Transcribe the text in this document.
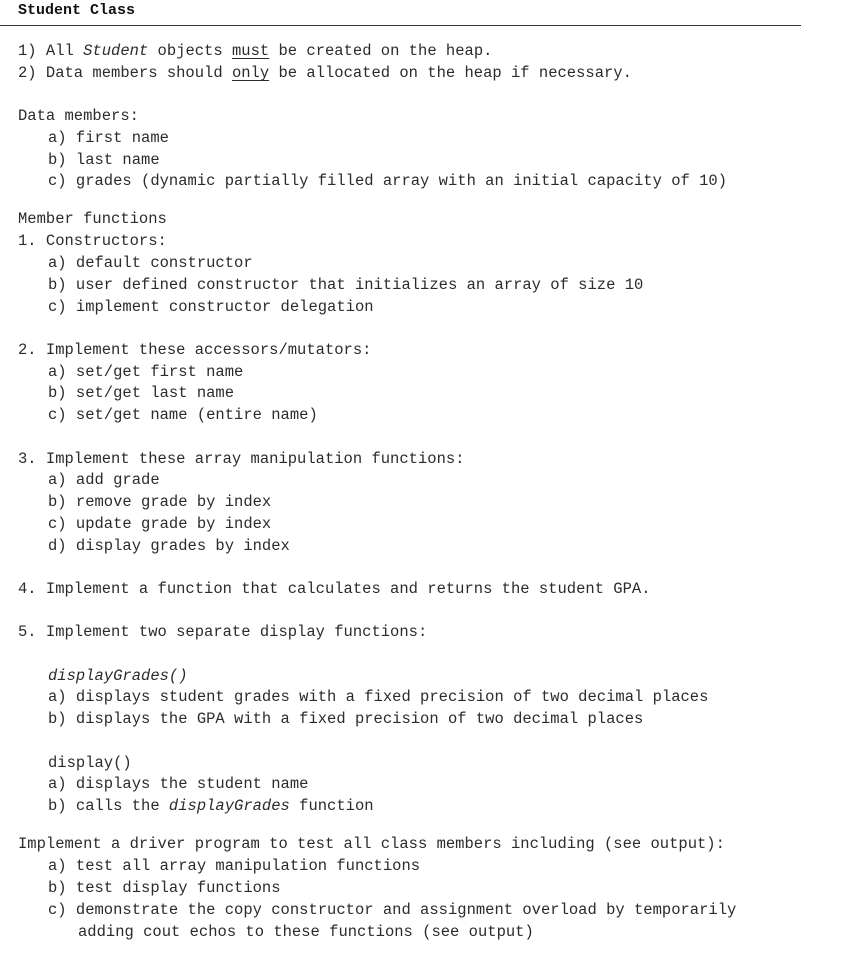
Student Class
1) All Student objects must be created on the heap.
2) Data members should only be allocated on the heap if necessary.
Data members:
a) first name
b) last name
c) grades (dynamic partially filled array with an initial capacity of 10)
Member functions
1. Constructors:
a) default constructor
b) user defined constructor that initializes an array of size 10
c) implement constructor delegation
2. Implement these accessors/mutators:
a) set/get first name
b) set/get last name
c) set/get name (entire name)
3. Implement these array manipulation functions:
a) add grade
b) remove grade by index
c) update grade by index
d) display grades by index
4. Implement a function that calculates and returns the student GPA.
5. Implement two separate display functions:
displayGrades()
a) displays student grades with a fixed precision of two decimal places
b) displays the GPA with a fixed precision of two decimal places
display()
a) displays the student name
b) calls the displayGrades function
Implement a driver program to test all class members including (see output):
a) test all array manipulation functions
b) test display functions
c) demonstrate the copy constructor and assignment overload by temporarily
adding cout echos to these functions (see output)
